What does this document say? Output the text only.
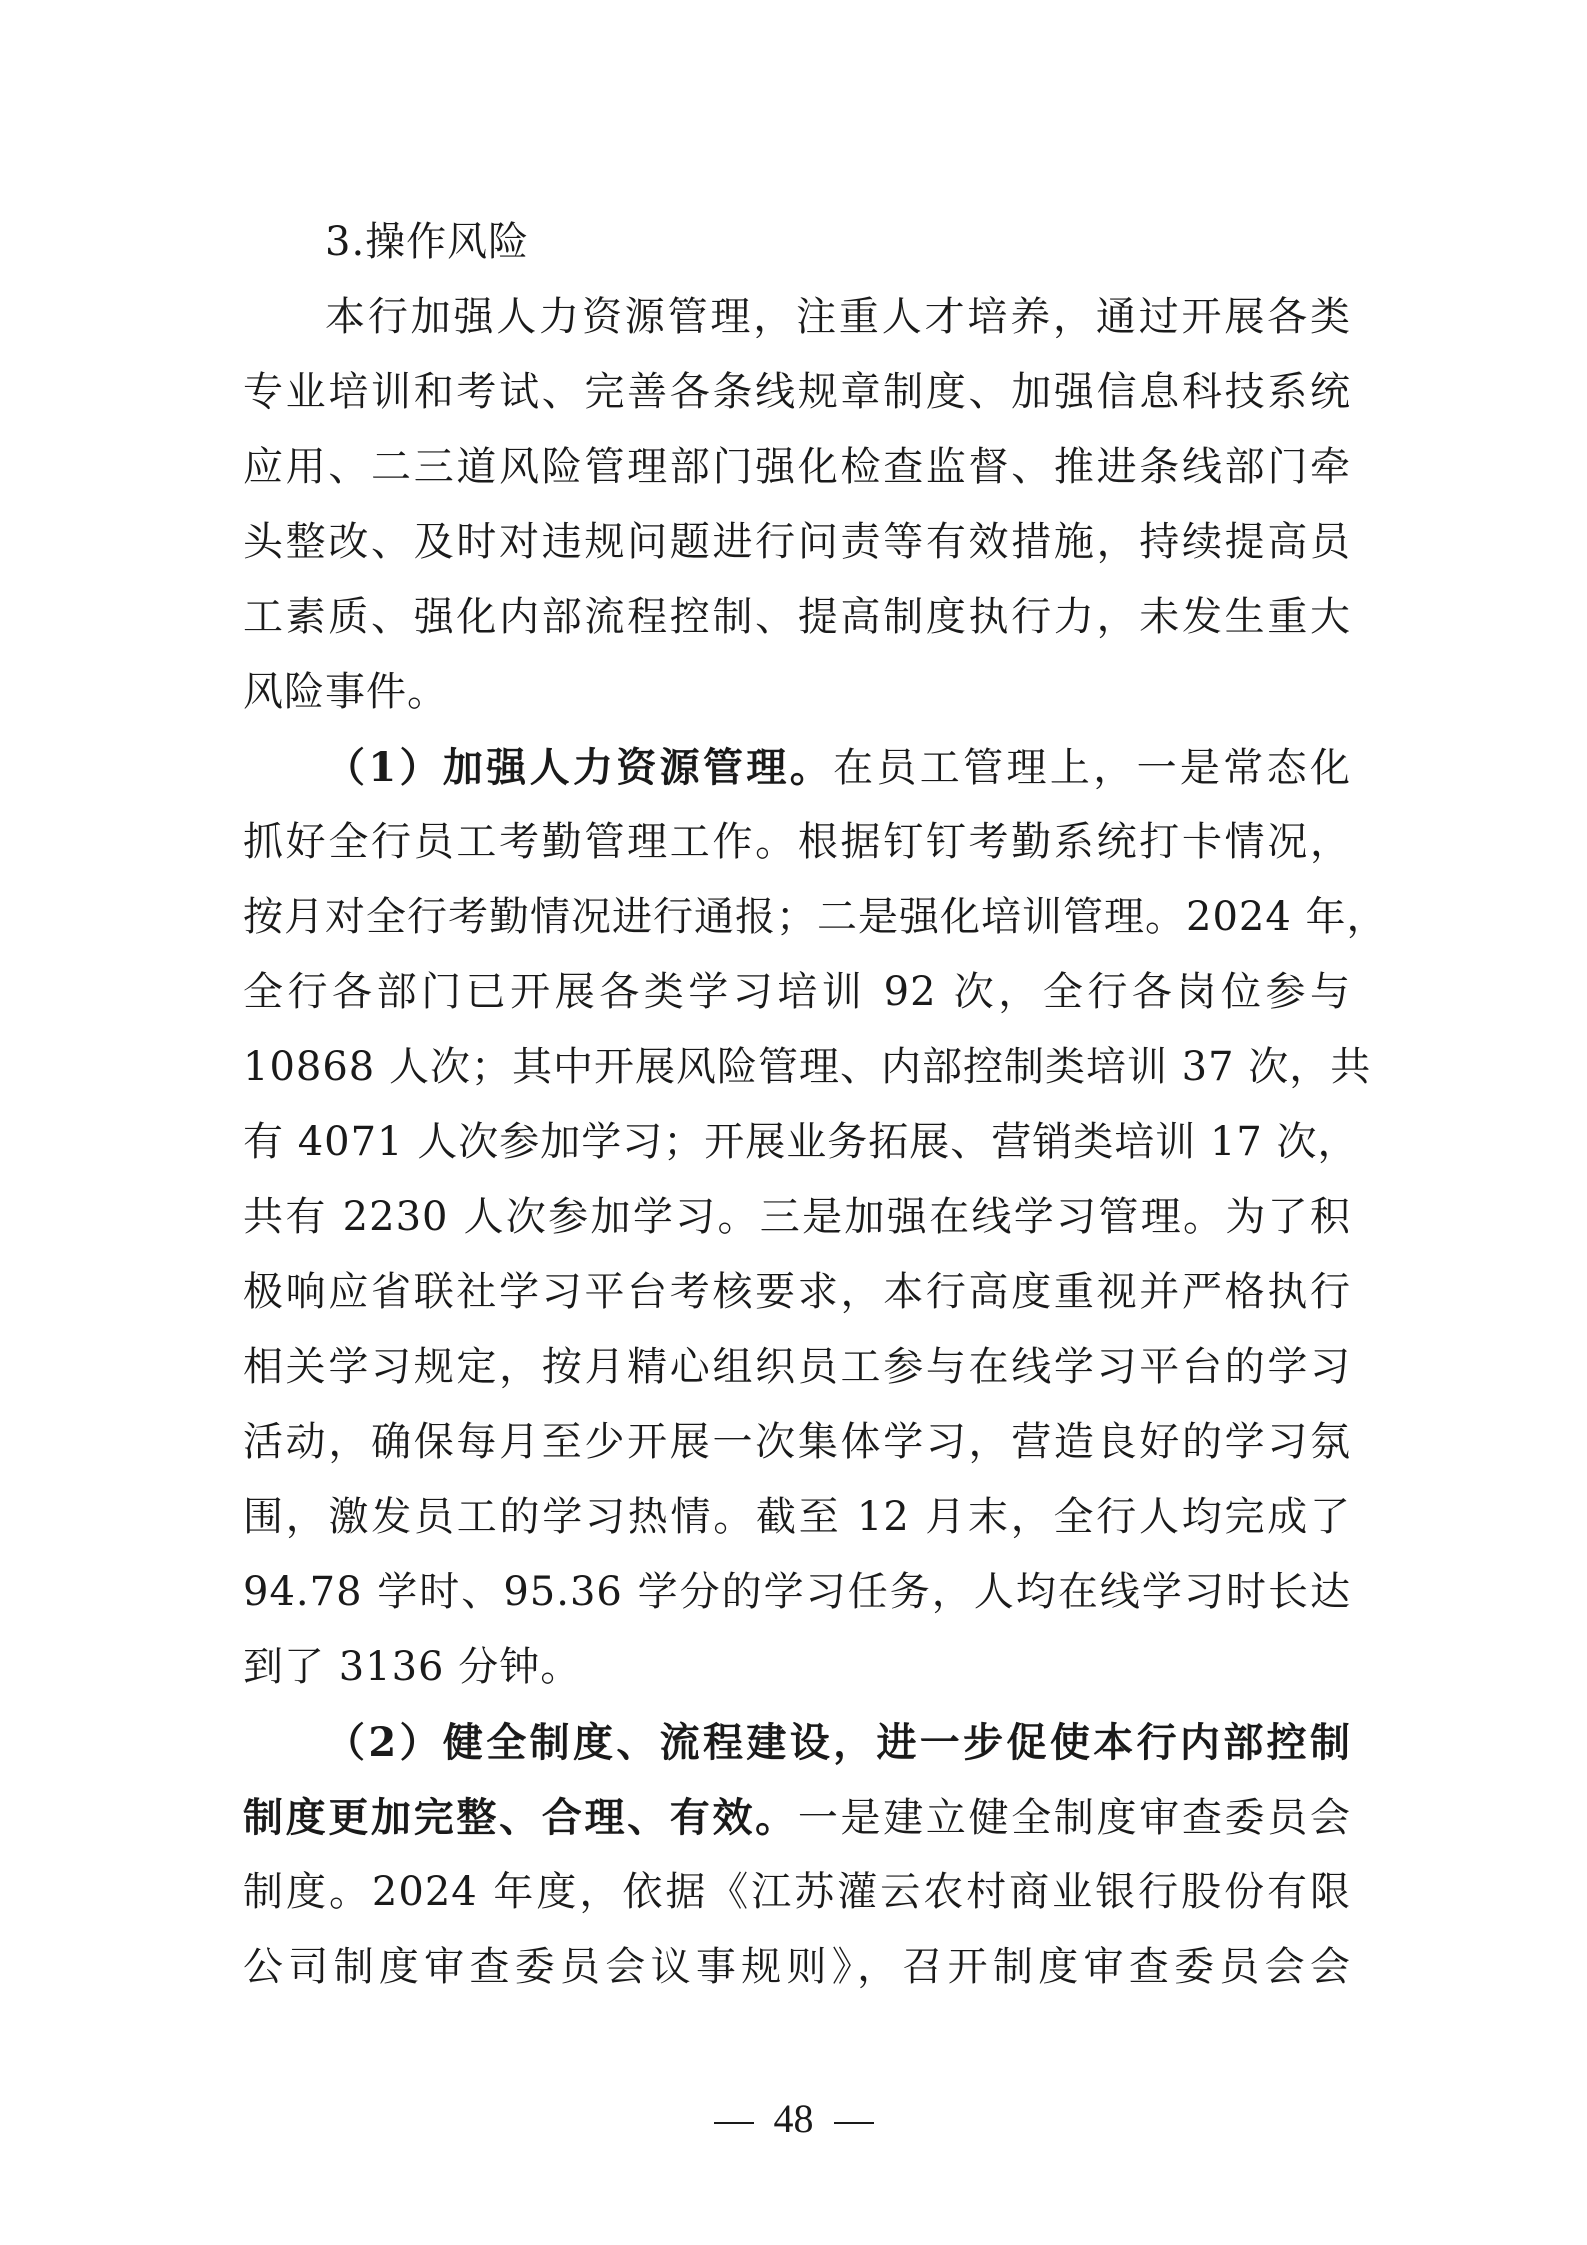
3.操作风险
本行加强人力资源管理，注重人才培养，通过开展各类
专业培训和考试、完善各条线规章制度、加强信息科技系统
应用、二三道风险管理部门强化检查监督、推进条线部门牵
头整改、及时对违规问题进行问责等有效措施，持续提高员
工素质、强化内部流程控制、提高制度执行力，未发生重大
风险事件。
（1）加强人力资源管理。在员工管理上，一是常态化
抓好全行员工考勤管理工作。根据钉钉考勤系统打卡情况，
按月对全行考勤情况进行通报；二是强化培训管理。2024 年，
全行各部门已开展各类学习培训 92 次，全行各岗位参与
10868 人次；其中开展风险管理、内部控制类培训 37 次，共
有 4071 人次参加学习；开展业务拓展、营销类培训 17 次，
共有 2230 人次参加学习。三是加强在线学习管理。为了积
极响应省联社学习平台考核要求，本行高度重视并严格执行
相关学习规定，按月精心组织员工参与在线学习平台的学习
活动，确保每月至少开展一次集体学习，营造良好的学习氛
围，激发员工的学习热情。截至 12 月末，全行人均完成了
94.78 学时、95.36 学分的学习任务，人均在线学习时长达
到了 3136 分钟。
（2）健全制度、流程建设，进一步促使本行内部控制
制度更加完整、合理、有效。一是建立健全制度审查委员会
制度。2024 年度，依据《江苏灌云农村商业银行股份有限
公司制度审查委员会议事规则》，召开制度审查委员会会
48
